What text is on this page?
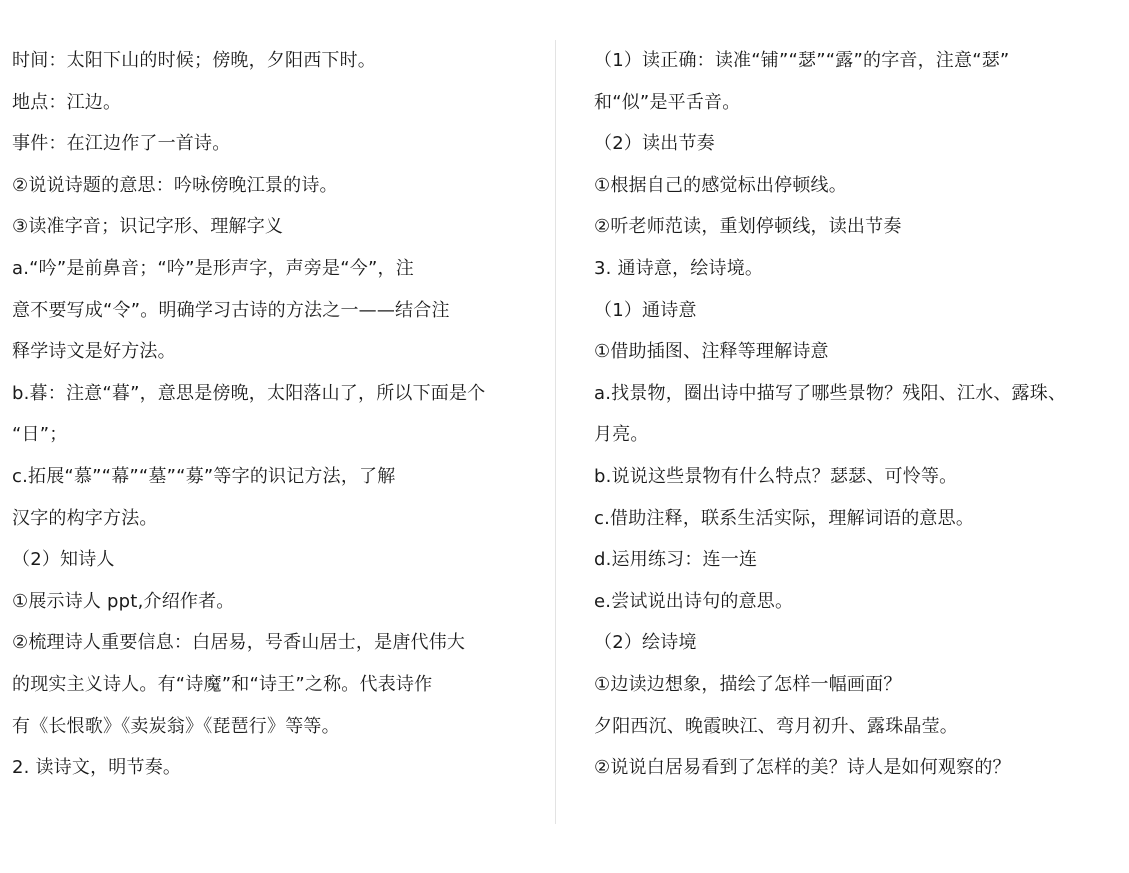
时间：太阳下山的时候；傍晚，夕阳西下时。
地点：江边。
事件：在江边作了一首诗。
②说说诗题的意思：吟咏傍晚江景的诗。
③读准字音；识记字形、理解字义
a.“吟”是前鼻音；“吟”是形声字，声旁是“今”，注
意不要写成“令”。明确学习古诗的方法之一——结合注
释学诗文是好方法。
b.暮：注意“暮”，意思是傍晚，太阳落山了，所以下面是个
“日”；
c.拓展“慕”“幕”“墓”“募”等字的识记方法，了解
汉字的构字方法。
（2）知诗人
①展示诗人 ppt,介绍作者。
②梳理诗人重要信息：白居易，号香山居士，是唐代伟大
的现实主义诗人。有“诗魔”和“诗王”之称。代表诗作
有《长恨歌》《卖炭翁》《琵琶行》等等。
2. 读诗文，明节奏。
（1）读正确：读准“铺”“瑟”“露”的字音，注意“瑟”
和“似”是平舌音。
（2）读出节奏
①根据自己的感觉标出停顿线。
②听老师范读，重划停顿线，读出节奏
3. 通诗意，绘诗境。
（1）通诗意
①借助插图、注释等理解诗意
a.找景物，圈出诗中描写了哪些景物？残阳、江水、露珠、
月亮。
b.说说这些景物有什么特点？瑟瑟、可怜等。
c.借助注释，联系生活实际，理解词语的意思。
d.运用练习：连一连
e.尝试说出诗句的意思。
（2）绘诗境
①边读边想象，描绘了怎样一幅画面？
夕阳西沉、晚霞映江、弯月初升、露珠晶莹。
②说说白居易看到了怎样的美？诗人是如何观察的？
